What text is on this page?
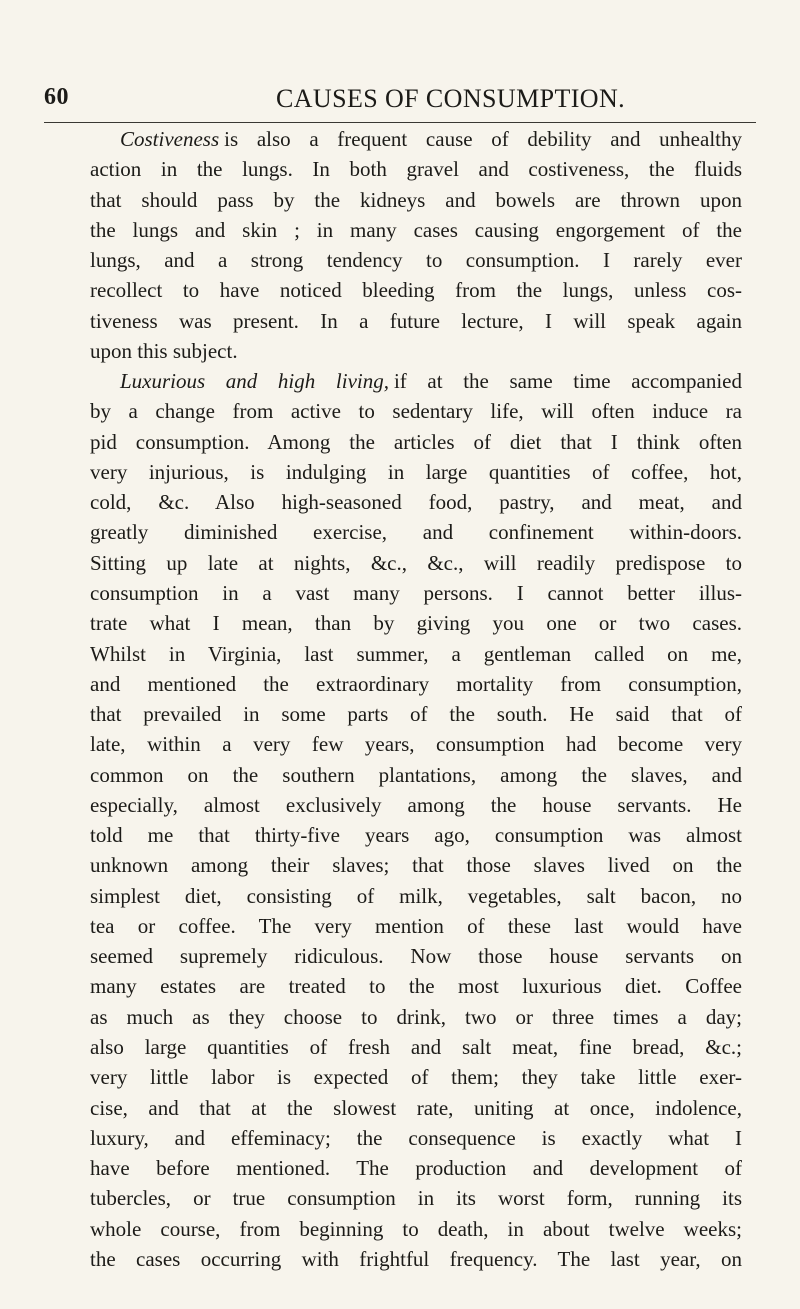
60	CAUSES OF CONSUMPTION.
Costiveness is also a frequent cause of debility and unhealthy
action in the lungs. In both gravel and costiveness, the fluids
that should pass by the kidneys and bowels are thrown upon
the lungs and skin ; in many cases causing engorgement of the
lungs, and a strong tendency to consumption. I rarely ever
recollect to have noticed bleeding from the lungs, unless cos-
tiveness was present. In a future lecture, I will speak again
upon this subject.
Luxurious and high living, if at the same time accompanied
by a change from active to sedentary life, will often induce ra
pid consumption. Among the articles of diet that I think often
very injurious, is indulging in large quantities of coffee, hot,
cold, &c. Also high-seasoned food, pastry, and meat, and
greatly diminished exercise, and confinement within-doors.
Sitting up late at nights, &c., &c., will readily predispose to
consumption in a vast many persons. I cannot better illus-
trate what I mean, than by giving you one or two cases.
Whilst in Virginia, last summer, a gentleman called on me,
and mentioned the extraordinary mortality from consumption,
that prevailed in some parts of the south. He said that of
late, within a very few years, consumption had become very
common on the southern plantations, among the slaves, and
especially, almost exclusively among the house servants. He
told me that thirty-five years ago, consumption was almost
unknown among their slaves; that those slaves lived on the
simplest diet, consisting of milk, vegetables, salt bacon, no
tea or coffee. The very mention of these last would have
seemed supremely ridiculous. Now those house servants on
many estates are treated to the most luxurious diet. Coffee
as much as they choose to drink, two or three times a day;
also large quantities of fresh and salt meat, fine bread, &c.;
very little labor is expected of them; they take little exer-
cise, and that at the slowest rate, uniting at once, indolence,
luxury, and effeminacy; the consequence is exactly what I
have before mentioned. The production and development of
tubercles, or true consumption in its worst form, running its
whole course, from beginning to death, in about twelve weeks;
the cases occurring with frightful frequency. The last year, on
